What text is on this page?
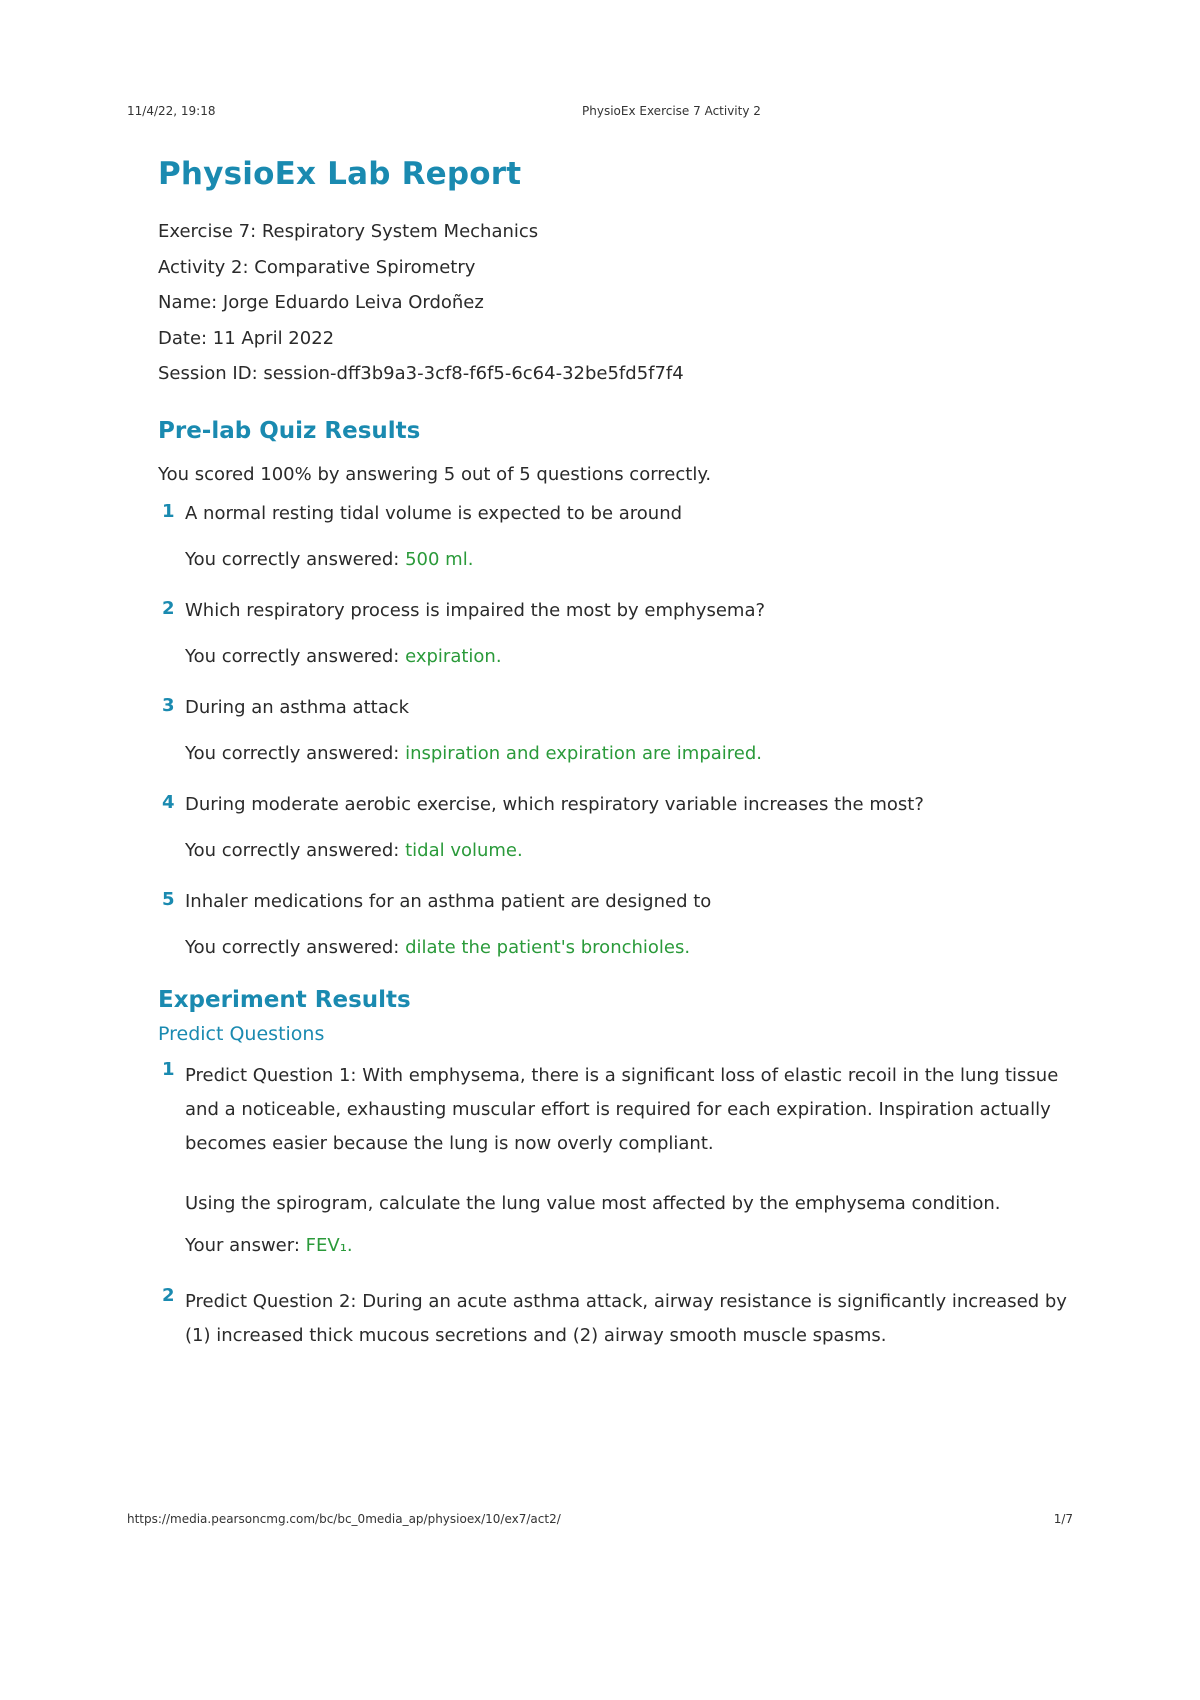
11/4/22, 19:18	PhysioEx Exercise 7 Activity 2
PhysioEx Lab Report
Exercise 7: Respiratory System Mechanics
Activity 2: Comparative Spirometry
Name: Jorge Eduardo Leiva Ordoñez
Date: 11 April 2022
Session ID: session-dff3b9a3-3cf8-f6f5-6c64-32be5fd5f7f4
Pre-lab Quiz Results
You scored 100% by answering 5 out of 5 questions correctly.
1 A normal resting tidal volume is expected to be around
You correctly answered: 500 ml.
2 Which respiratory process is impaired the most by emphysema?
You correctly answered: expiration.
3 During an asthma attack
You correctly answered: inspiration and expiration are impaired.
4 During moderate aerobic exercise, which respiratory variable increases the most?
You correctly answered: tidal volume.
5 Inhaler medications for an asthma patient are designed to
You correctly answered: dilate the patient's bronchioles.
Experiment Results
Predict Questions
1 Predict Question 1: With emphysema, there is a significant loss of elastic recoil in the lung tissue and a noticeable, exhausting muscular effort is required for each expiration. Inspiration actually becomes easier because the lung is now overly compliant.
Using the spirogram, calculate the lung value most affected by the emphysema condition.
Your answer: FEV₁.
2 Predict Question 2: During an acute asthma attack, airway resistance is significantly increased by (1) increased thick mucous secretions and (2) airway smooth muscle spasms.
https://media.pearsoncmg.com/bc/bc_0media_ap/physioex/10/ex7/act2/	1/7
